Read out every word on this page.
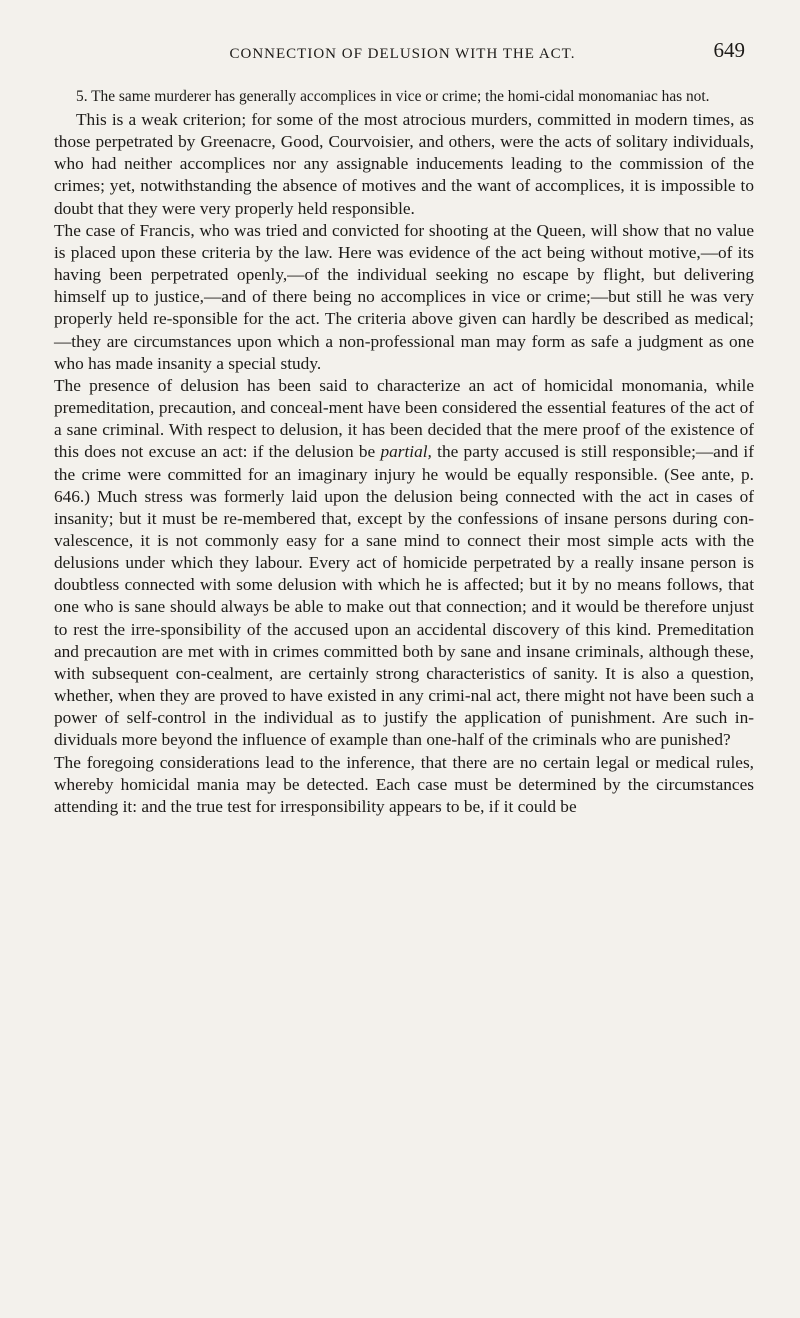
CONNECTION OF DELUSION WITH THE ACT.	649

5. The same murderer has generally accomplices in vice or crime; the homi-cidal monomaniac has not.

This is a weak criterion; for some of the most atrocious murders, committed in modern times, as those perpetrated by Greenacre, Good, Courvoisier, and others, were the acts of solitary individuals, who had neither accomplices nor any assignable inducements leading to the commission of the crimes; yet, notwithstanding the absence of motives and the want of accomplices, it is impossible to doubt that they were very properly held responsible.

The case of Francis, who was tried and convicted for shooting at the Queen, will show that no value is placed upon these criteria by the law. Here was evidence of the act being without motive,—of its having been perpetrated openly,—of the individual seeking no escape by flight, but delivering himself up to justice,—and of there being no accomplices in vice or crime;—but still he was very properly held re-sponsible for the act. The criteria above given can hardly be described as medical;—they are circumstances upon which a non-professional man may form as safe a judgment as one who has made insanity a special study.

The presence of delusion has been said to characterize an act of homicidal monomania, while premeditation, precaution, and conceal-ment have been considered the essential features of the act of a sane criminal. With respect to delusion, it has been decided that the mere proof of the existence of this does not excuse an act: if the delusion be partial, the party accused is still responsible;—and if the crime were committed for an imaginary injury he would be equally responsible. (See ante, p. 646.) Much stress was formerly laid upon the delusion being connected with the act in cases of insanity; but it must be re-membered that, except by the confessions of insane persons during con-valescence, it is not commonly easy for a sane mind to connect their most simple acts with the delusions under which they labour. Every act of homicide perpetrated by a really insane person is doubtless connected with some delusion with which he is affected; but it by no means follows, that one who is sane should always be able to make out that connection; and it would be therefore unjust to rest the irre-sponsibility of the accused upon an accidental discovery of this kind. Premeditation and precaution are met with in crimes committed both by sane and insane criminals, although these, with subsequent con-cealment, are certainly strong characteristics of sanity. It is also a question, whether, when they are proved to have existed in any crimi-nal act, there might not have been such a power of self-control in the individual as to justify the application of punishment. Are such in-dividuals more beyond the influence of example than one-half of the criminals who are punished?

The foregoing considerations lead to the inference, that there are no certain legal or medical rules, whereby homicidal mania may be detected. Each case must be determined by the circumstances attending it: and the true test for irresponsibility appears to be, if it could be
